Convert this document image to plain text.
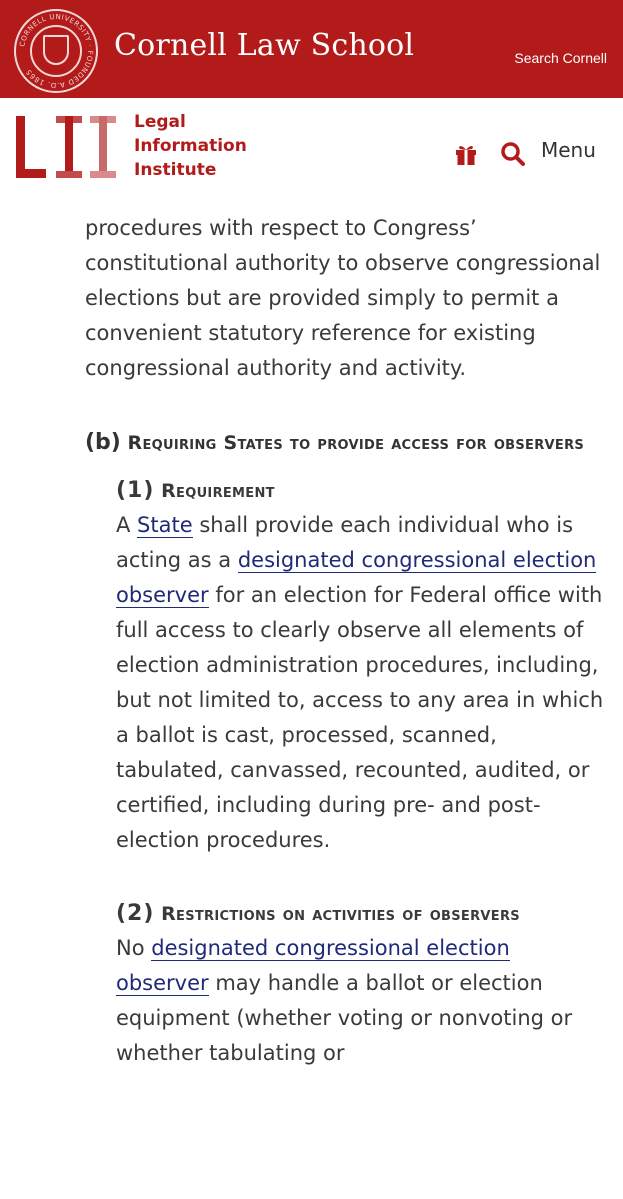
CORNELL UNIVERSITY · FOUNDED A.D. 1865
Cornell Law School	Search Cornell
Legal
Information
Institute
Menu

procedures with respect to Congress’ constitutional authority to observe congressional elections but are provided simply to permit a convenient statutory reference for existing congressional authority and activity.

(b) Requiring States to provide access for observers
(1) Requirement

A State shall provide each individual who is acting as a designated congressional election observer for an election for Federal office with full access to clearly observe all elements of election administration procedures, including, but not limited to, access to any area in which a ballot is cast, processed, scanned, tabulated, canvassed, recounted, audited, or certified, including during pre- and post-election procedures.

(2) Restrictions on activities of observers

No designated congressional election observer may handle a ballot or election equipment (whether voting or nonvoting or whether tabulating or
